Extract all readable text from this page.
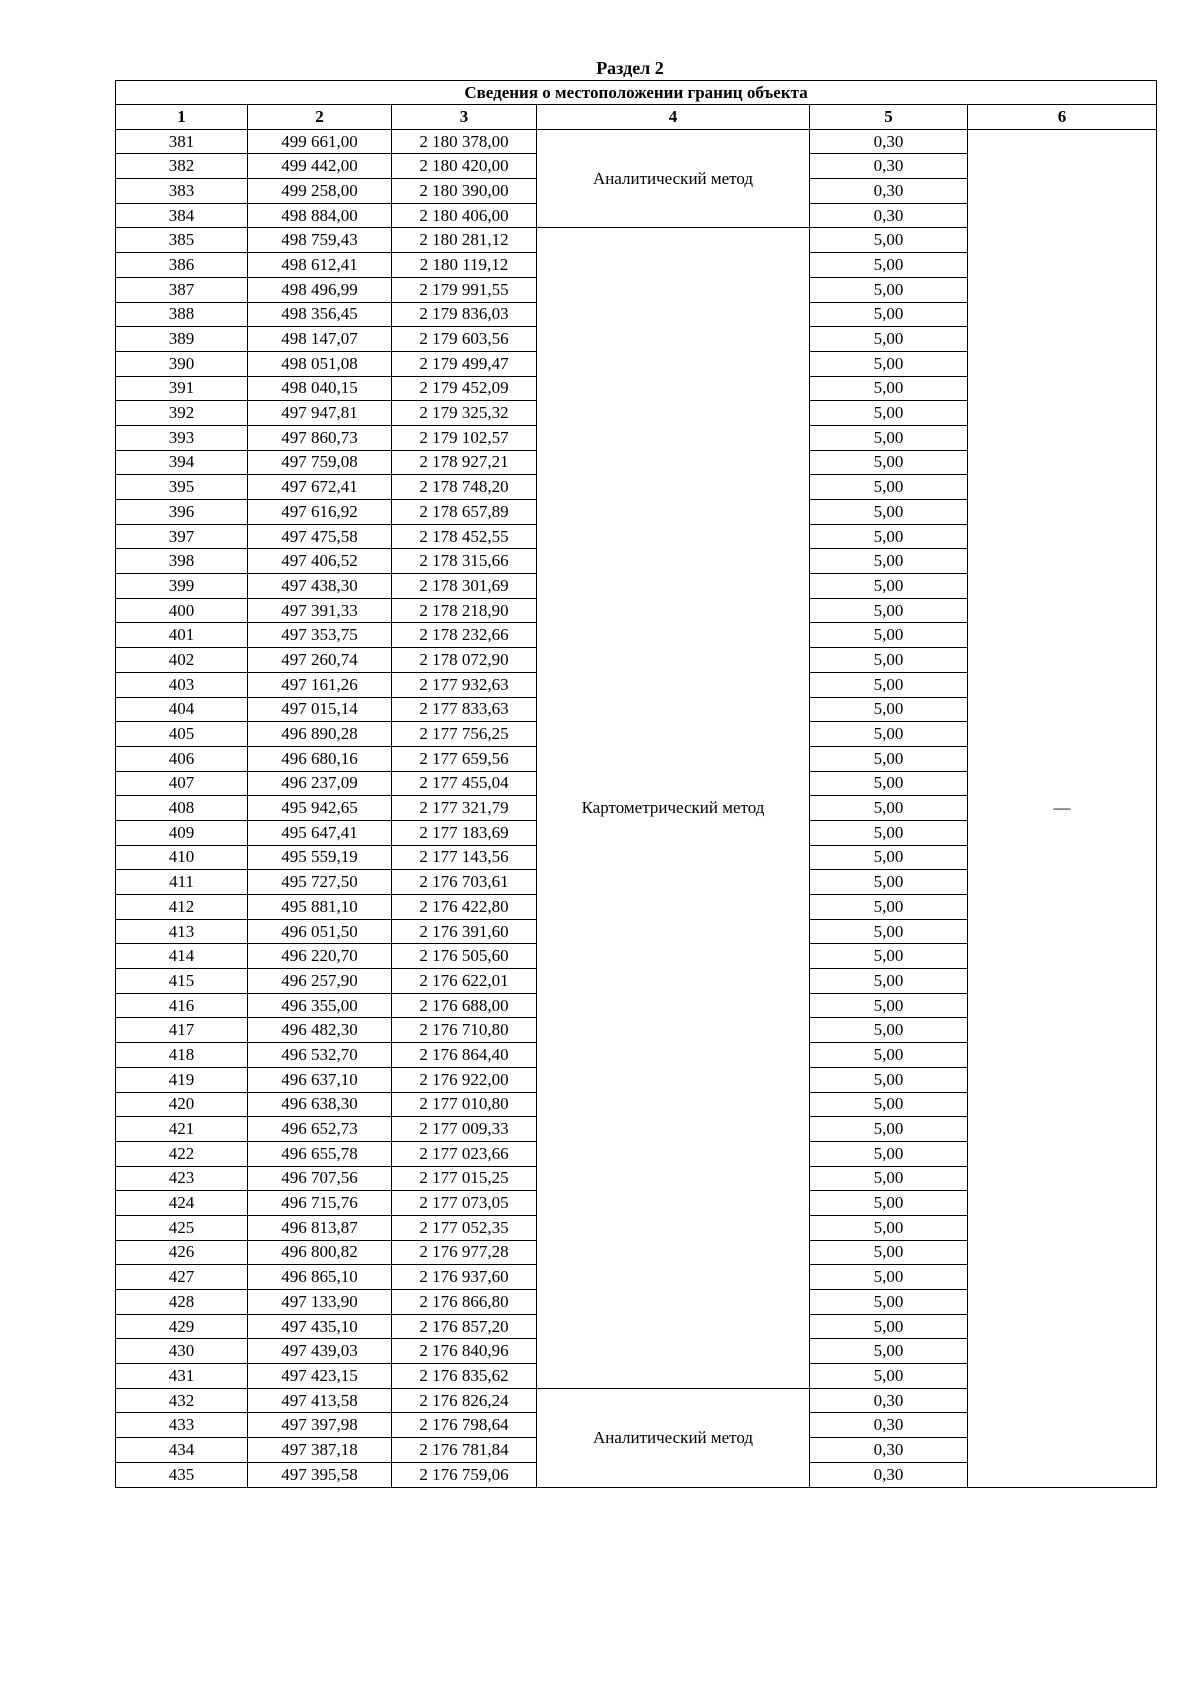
Раздел 2
Сведения о местоположении границ объекта					
1	2	3	4	5	6
381	499 661,00	2 180 378,00	Аналитический метод	0,30	—
382	499 442,00	2 180 420,00		0,30	
383	499 258,00	2 180 390,00		0,30	
384	498 884,00	2 180 406,00		0,30	
385	498 759,43	2 180 281,12	Картометрический метод	5,00	
386	498 612,41	2 180 119,12		5,00	
387	498 496,99	2 179 991,55		5,00	
388	498 356,45	2 179 836,03		5,00	
389	498 147,07	2 179 603,56		5,00	
390	498 051,08	2 179 499,47		5,00	
391	498 040,15	2 179 452,09		5,00	
392	497 947,81	2 179 325,32		5,00	
393	497 860,73	2 179 102,57		5,00	
394	497 759,08	2 178 927,21		5,00	
395	497 672,41	2 178 748,20		5,00	
396	497 616,92	2 178 657,89		5,00	
397	497 475,58	2 178 452,55		5,00	
398	497 406,52	2 178 315,66		5,00	
399	497 438,30	2 178 301,69		5,00	
400	497 391,33	2 178 218,90		5,00	
401	497 353,75	2 178 232,66		5,00	
402	497 260,74	2 178 072,90		5,00	
403	497 161,26	2 177 932,63		5,00	
404	497 015,14	2 177 833,63		5,00	
405	496 890,28	2 177 756,25		5,00	
406	496 680,16	2 177 659,56		5,00	
407	496 237,09	2 177 455,04		5,00	
408	495 942,65	2 177 321,79		5,00	
409	495 647,41	2 177 183,69		5,00	
410	495 559,19	2 177 143,56		5,00	
411	495 727,50	2 176 703,61		5,00	
412	495 881,10	2 176 422,80		5,00	
413	496 051,50	2 176 391,60		5,00	
414	496 220,70	2 176 505,60		5,00	
415	496 257,90	2 176 622,01		5,00	
416	496 355,00	2 176 688,00		5,00	
417	496 482,30	2 176 710,80		5,00	
418	496 532,70	2 176 864,40		5,00	
419	496 637,10	2 176 922,00		5,00	
420	496 638,30	2 177 010,80		5,00	
421	496 652,73	2 177 009,33		5,00	
422	496 655,78	2 177 023,66		5,00	
423	496 707,56	2 177 015,25		5,00	
424	496 715,76	2 177 073,05		5,00	
425	496 813,87	2 177 052,35		5,00	
426	496 800,82	2 176 977,28		5,00	
427	496 865,10	2 176 937,60		5,00	
428	497 133,90	2 176 866,80		5,00	
429	497 435,10	2 176 857,20		5,00	
430	497 439,03	2 176 840,96		5,00	
431	497 423,15	2 176 835,62		5,00	
432	497 413,58	2 176 826,24	Аналитический метод	0,30	
433	497 397,98	2 176 798,64		0,30	
434	497 387,18	2 176 781,84		0,30	
435	497 395,58	2 176 759,06		0,30	
